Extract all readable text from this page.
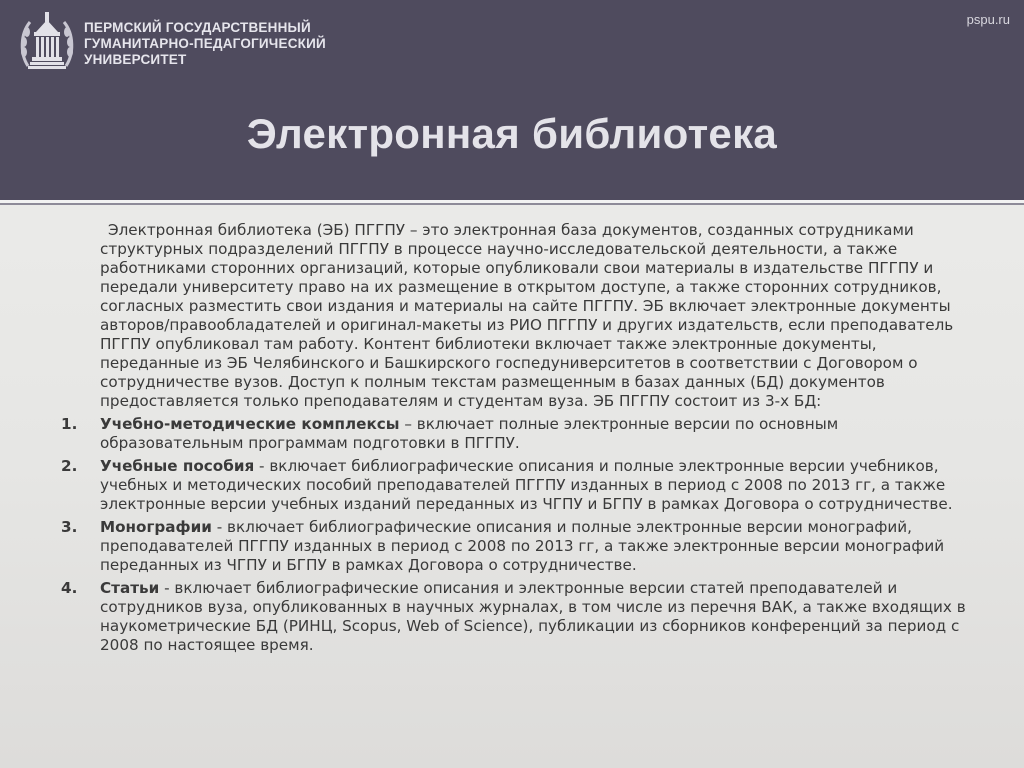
ПЕРМСКИЙ ГОСУДАРСТВЕННЫЙ
ГУМАНИТАРНО-ПЕДАГОГИЧЕСКИЙ
УНИВЕРСИТЕТ
pspu.ru
Электронная библиотека

Электронная библиотека (ЭБ) ПГГПУ – это электронная база документов, созданных сотрудниками структурных подразделений ПГГПУ в процессе научно-исследовательской деятельности, а также работниками сторонних организаций, которые опубликовали свои материалы в издательстве ПГГПУ и передали университету право на их размещение в открытом доступе, а также сторонних сотрудников, согласных разместить свои издания и материалы на сайте ПГГПУ. ЭБ включает электронные документы авторов/правообладателей и оригинал-макеты из РИО ПГГПУ и других издательств, если преподаватель ПГГПУ опубликовал там работу. Контент библиотеки включает также электронные документы, переданные из ЭБ Челябинского и Башкирского госпедуниверситетов в соответствии с Договором о сотрудничестве вузов. Доступ к полным текстам размещенным в базах данных (БД) документов предоставляется только преподавателям и студентам вуза. ЭБ ПГГПУ состоит из 3-х БД:

1. Учебно-методические комплексы – включает полные электронные версии по основным образовательным программам подготовки в ПГГПУ.
2. Учебные пособия - включает библиографические описания и полные электронные версии учебников, учебных и методических пособий преподавателей ПГГПУ изданных в период с 2008 по 2013 гг, а также электронные версии учебных изданий переданных из ЧГПУ и БГПУ в рамках Договора о сотрудничестве.
3. Монографии - включает библиографические описания и полные электронные версии монографий, преподавателей ПГГПУ изданных в период с 2008 по 2013 гг, а также электронные версии монографий переданных из ЧГПУ и БГПУ в рамках Договора о сотрудничестве.
4. Статьи - включает библиографические описания и электронные версии статей преподавателей и сотрудников вуза, опубликованных в научных журналах, в том числе из перечня ВАК, а также входящих в наукометрические БД (РИНЦ, Scopus, Web of Science), публикации из сборников конференций за период с 2008 по настоящее время.
